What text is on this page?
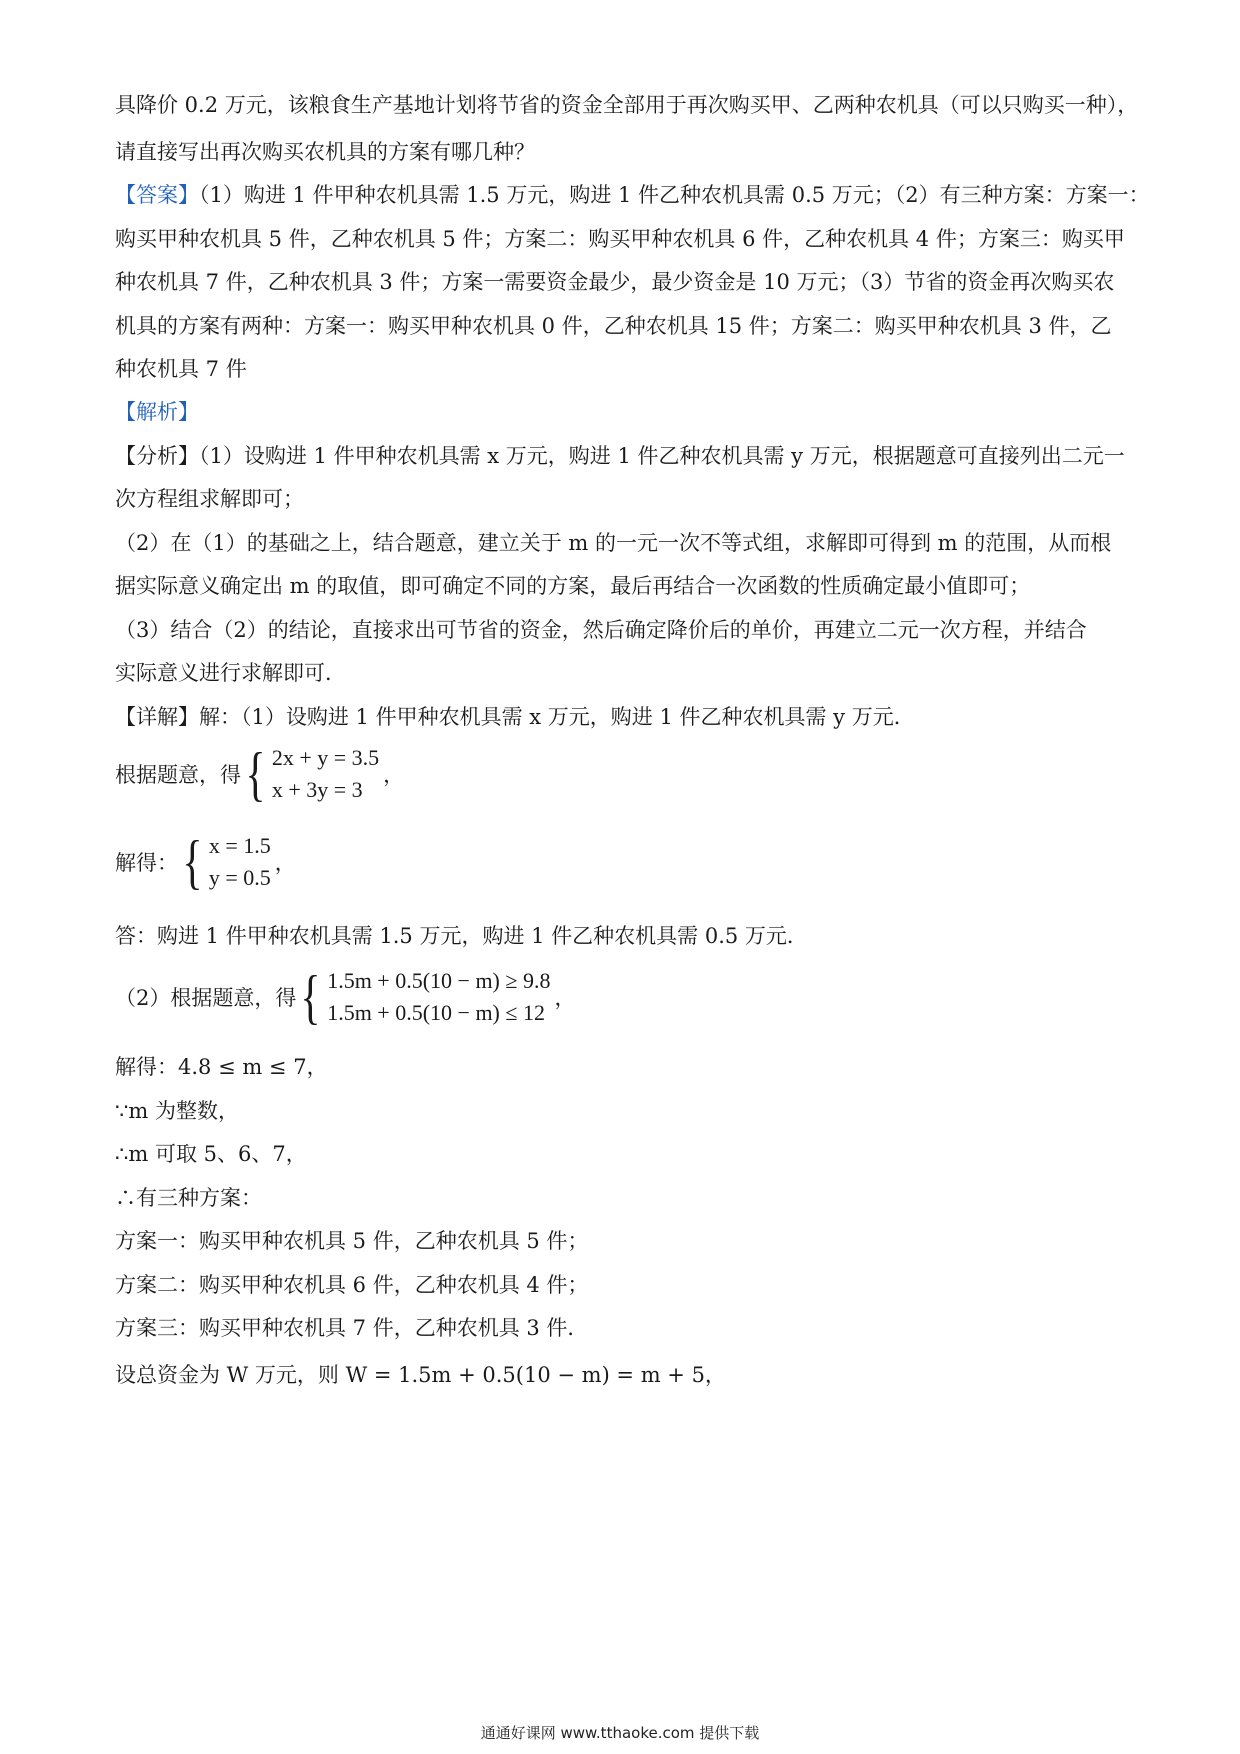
具降价 0.2 万元，该粮食生产基地计划将节省的资金全部用于再次购买甲、乙两种农机具（可以只购买一种），
请直接写出再次购买农机具的方案有哪几种？
【答案】（1）购进 1 件甲种农机具需 1.5 万元，购进 1 件乙种农机具需 0.5 万元；（2）有三种方案：方案一：
购买甲种农机具 5 件，乙种农机具 5 件；方案二：购买甲种农机具 6 件，乙种农机具 4 件；方案三：购买甲
种农机具 7 件，乙种农机具 3 件；方案一需要资金最少，最少资金是 10 万元；（3）节省的资金再次购买农
机具的方案有两种：方案一：购买甲种农机具 0 件，乙种农机具 15 件；方案二：购买甲种农机具 3 件，乙
种农机具 7 件
【解析】
【分析】（1）设购进 1 件甲种农机具需 x 万元，购进 1 件乙种农机具需 y 万元，根据题意可直接列出二元一
次方程组求解即可；
（2）在（1）的基础之上，结合题意，建立关于 m 的一元一次不等式组，求解即可得到 m 的范围，从而根
据实际意义确定出 m 的取值，即可确定不同的方案，最后再结合一次函数的性质确定最小值即可；
（3）结合（2）的结论，直接求出可节省的资金，然后确定降价后的单价，再建立二元一次方程，并结合
实际意义进行求解即可．
【详解】解：（1）设购进 1 件甲种农机具需 x 万元，购进 1 件乙种农机具需 y 万元．
根据题意，得 { 2x + y = 3.5
x + 3y = 3
，
解得： { x = 1.5
y = 0.5
，
答：购进 1 件甲种农机具需 1.5 万元，购进 1 件乙种农机具需 0.5 万元．
（2）根据题意，得 { 1.5m + 0.5(10 − m) ≥ 9.8
1.5m + 0.5(10 − m) ≤ 12
，
解得：4.8 ≤ m ≤ 7，
∵m 为整数，
∴m 可取 5、6、7，
∴有三种方案：
方案一：购买甲种农机具 5 件，乙种农机具 5 件；
方案二：购买甲种农机具 6 件，乙种农机具 4 件；
方案三：购买甲种农机具 7 件，乙种农机具 3 件．
设总资金为 W 万元，则 W = 1.5m + 0.5(10 − m) = m + 5，
通通好课网 www.tthaoke.com 提供下载
